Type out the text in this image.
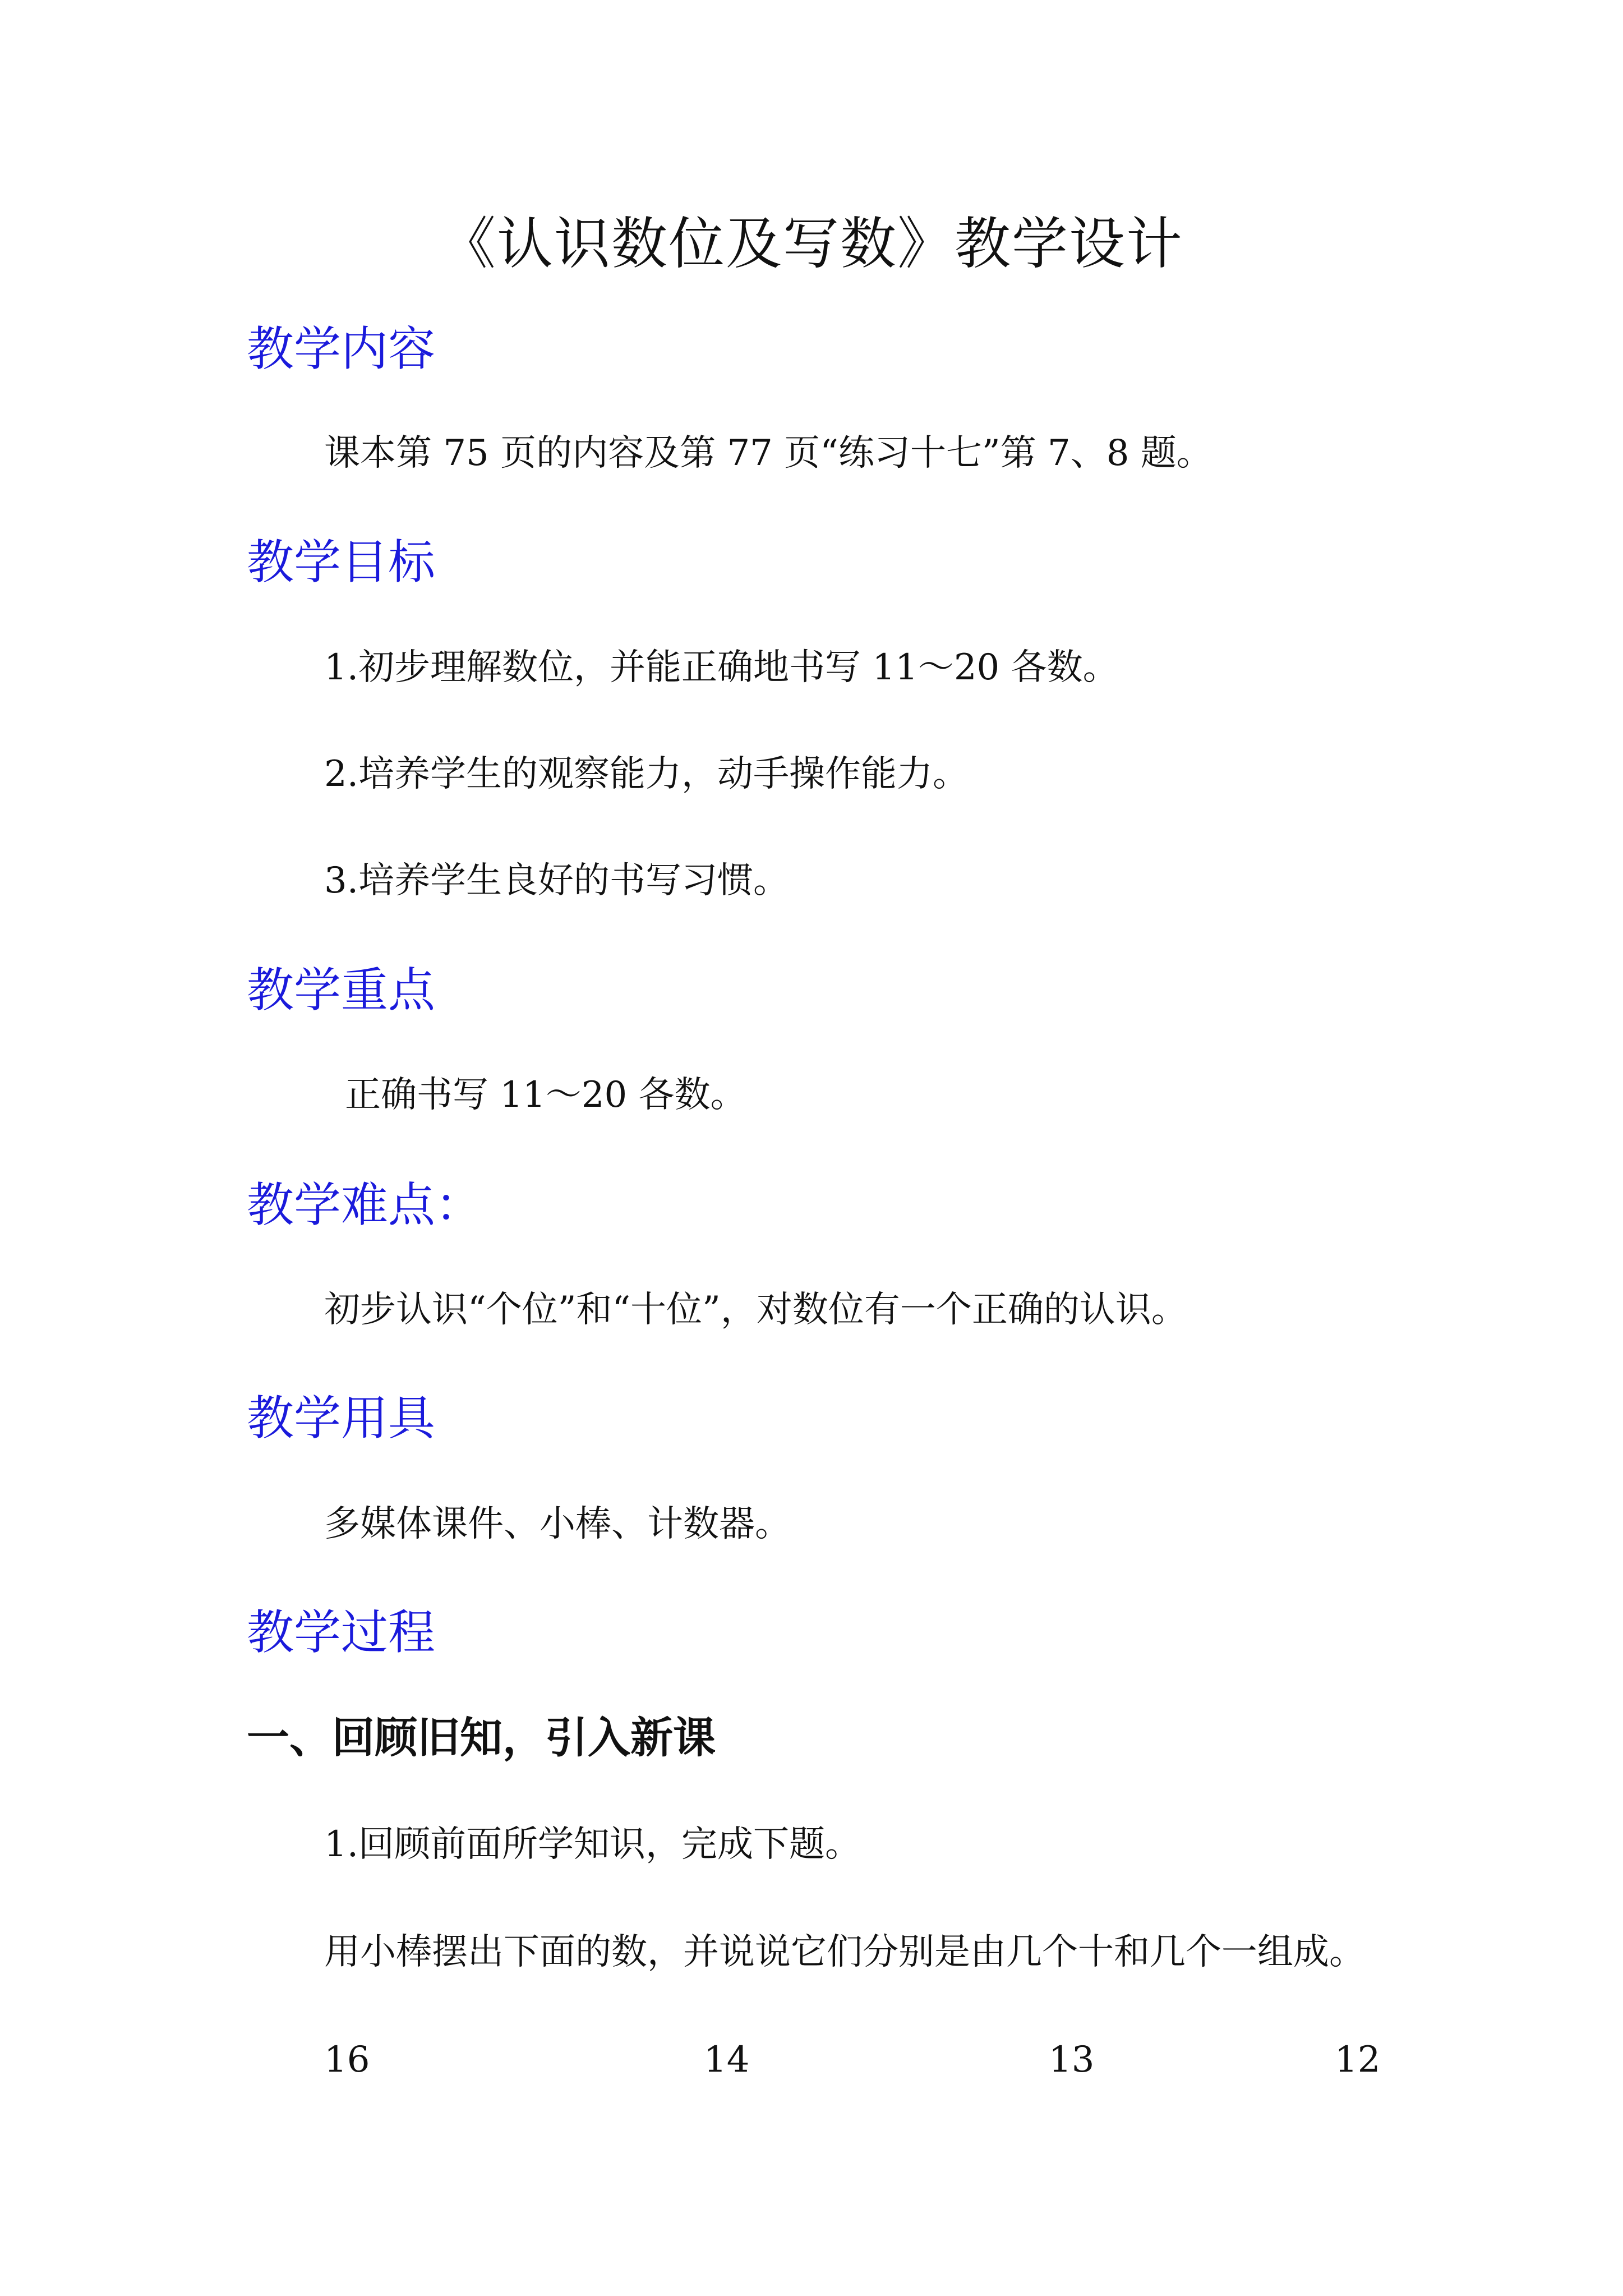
《认识数位及写数》教学设计
教学内容
课本第 75 页的内容及第 77 页“练习十七”第 7、8 题。
教学目标
1.初步理解数位，并能正确地书写 11～20 各数。
2.培养学生的观察能力，动手操作能力。
3.培养学生良好的书写习惯。
教学重点
正确书写 11～20 各数。
教学难点：
初步认识“个位”和“十位”，对数位有一个正确的认识。
教学用具
多媒体课件、小棒、计数器。
教学过程
一、回顾旧知，引入新课
1.回顾前面所学知识，完成下题。
用小棒摆出下面的数，并说说它们分别是由几个十和几个一组成。
16	14	13	12
